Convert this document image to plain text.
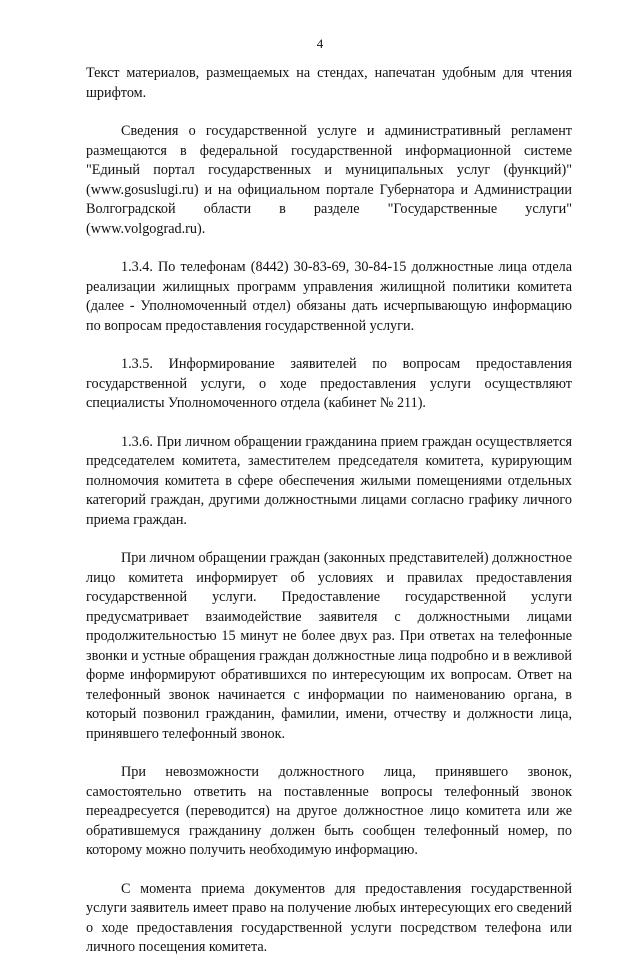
4

Текст материалов, размещаемых на стендах, напечатан удобным для чтения шрифтом.

Сведения о государственной услуге и административный регламент размещаются в федеральной государственной информационной системе "Единый портал государственных и муниципальных услуг (функций)" (www.gosuslugi.ru) и на официальном портале Губернатора и Администрации Волгоградской области в разделе "Государственные услуги" (www.volgograd.ru).

1.3.4. По телефонам (8442) 30-83-69, 30-84-15 должностные лица отдела реализации жилищных программ управления жилищной политики комитета (далее - Уполномоченный отдел) обязаны дать исчерпывающую информацию по вопросам предоставления государственной услуги.

1.3.5. Информирование заявителей по вопросам предоставления государственной услуги, о ходе предоставления услуги осуществляют специалисты Уполномоченного отдела (кабинет № 211).

1.3.6. При личном обращении гражданина прием граждан осуществляется председателем комитета, заместителем председателя комитета, курирующим полномочия комитета в сфере обеспечения жилыми помещениями отдельных категорий граждан, другими должностными лицами согласно графику личного приема граждан.

При личном обращении граждан (законных представителей) должностное лицо комитета информирует об условиях и правилах предоставления государственной услуги. Предоставление государственной услуги предусматривает взаимодействие заявителя с должностными лицами продолжительностью 15 минут не более двух раз. При ответах на телефонные звонки и устные обращения граждан должностные лица подробно и в вежливой форме информируют обратившихся по интересующим их вопросам. Ответ на телефонный звонок начинается с информации по наименованию органа, в который позвонил гражданин, фамилии, имени, отчеству и должности лица, принявшего телефонный звонок.

При невозможности должностного лица, принявшего звонок, самостоятельно ответить на поставленные вопросы телефонный звонок переадресуется (переводится) на другое должностное лицо комитета или же обратившемуся гражданину должен быть сообщен телефонный номер, по которому можно получить необходимую информацию.

С момента приема документов для предоставления государственной услуги заявитель имеет право на получение любых интересующих его сведений о ходе предоставления государственной услуги посредством телефона или личного посещения комитета.
